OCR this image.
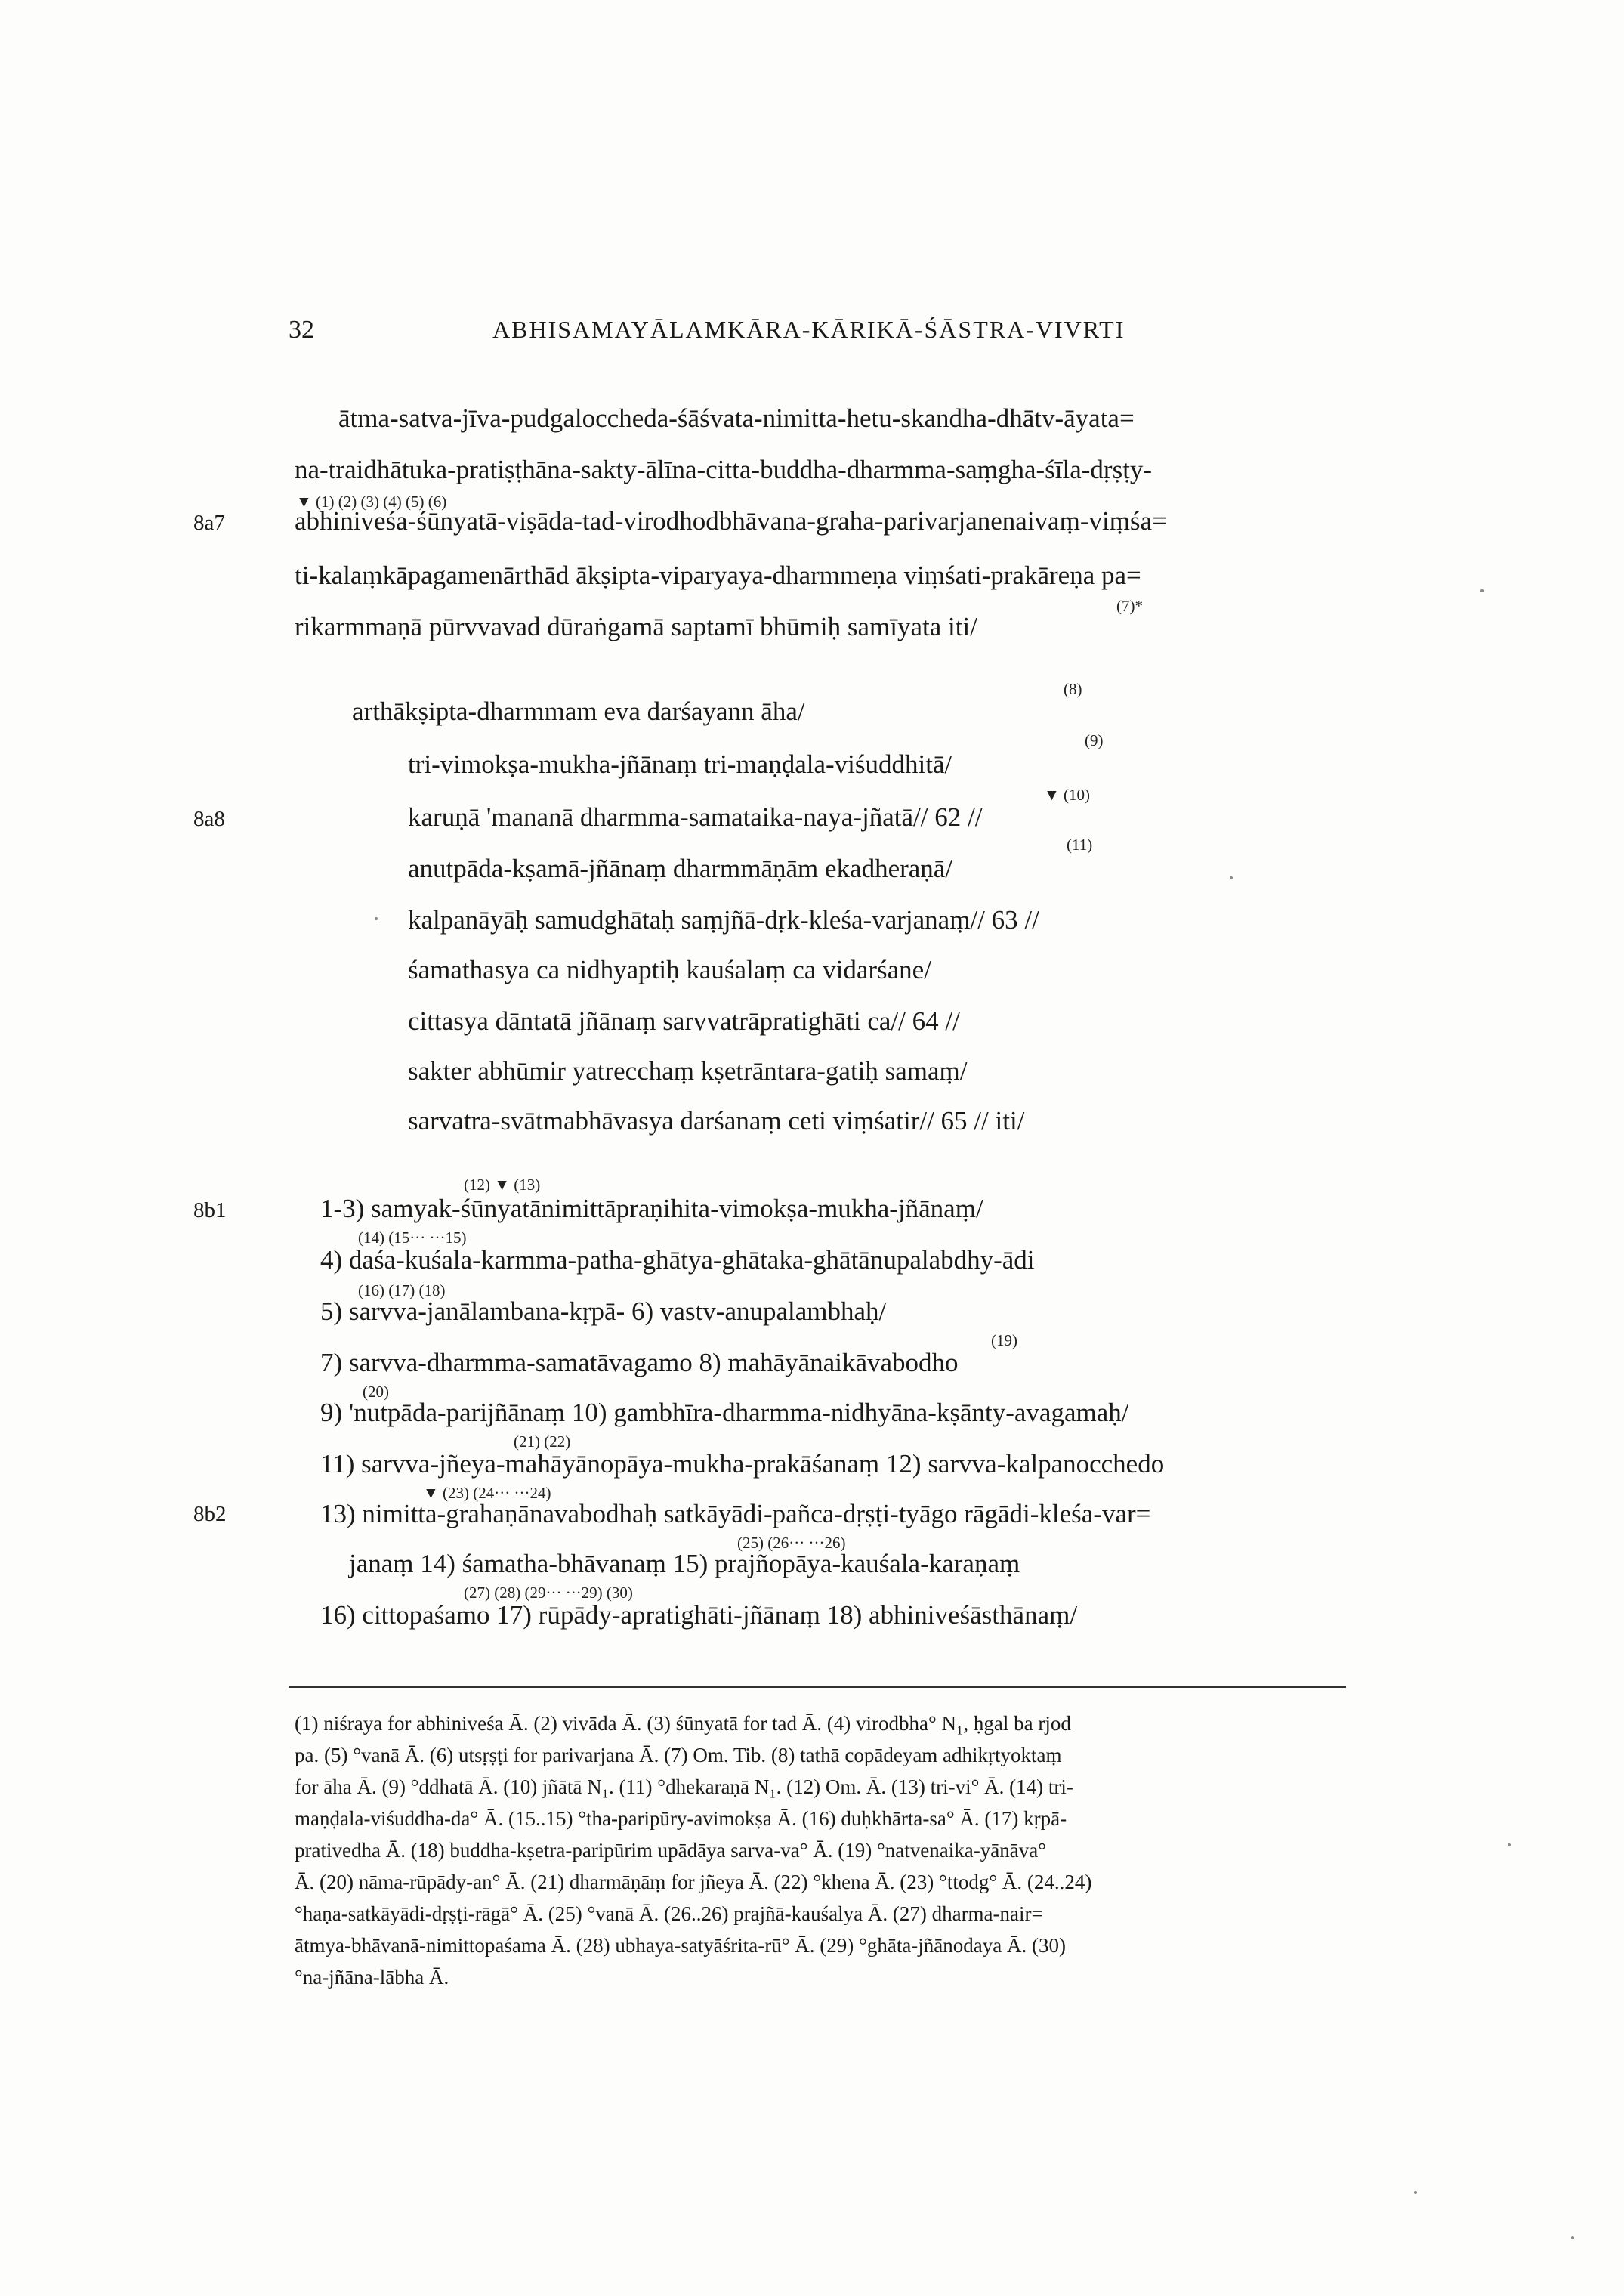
32	ABHISAMAYĀLAMKĀRA-KĀRIKĀ-ŚĀSTRA-VIVRTI
ātma-satva-jīva-pudgaloccheda-śāśvata-nimitta-hetu-skandha-dhātv-āyata=
na-traidhātuka-pratiṣṭhāna-sakty-ālīna-citta-buddha-dharmma-saṃgha-śīla-dṛṣṭy-
▼ (1) (2) (3) (4) (5) (6)
8a7	abhiniveśa-śūnyatā-viṣāda-tad-virodhodbhāvana-graha-parivarjanenaivaṃ-viṃśa=
ti-kalaṃkāpagamenārthād ākṣipta-viparyaya-dharmmeṇa viṃśati-prakāreṇa pa=
(7)*
rikarmmaṇā pūrvvavad dūraṅgamā saptamī bhūmiḥ samīyata iti/
(8)
arthākṣipta-dharmmam eva darśayann āha/
(9)
tri-vimokṣa-mukha-jñānaṃ tri-maṇḍala-viśuddhitā/
▼ (10)
8a8	karuṇā 'mananā dharmma-samataika-naya-jñatā// 62 //
(11)
anutpāda-kṣamā-jñānaṃ dharmmāṇām ekadheraṇā/
kalpanāyāḥ samudghātaḥ saṃjñā-dṛk-kleśa-varjanaṃ// 63 //
śamathasya ca nidhyaptiḥ kauśalaṃ ca vidarśane/
cittasya dāntatā jñānaṃ sarvvatrāpratighāti ca// 64 //
sakter abhūmir yatrecchaṃ kṣetrāntara-gatiḥ samaṃ/
sarvatra-svātmabhāvasya darśanaṃ ceti viṃśatir// 65 // iti/
(12) ▼ (13)
8b1	1-3) samyak-śūnyatānimittāpraṇihita-vimokṣa-mukha-jñānaṃ/
(14) (15··· ···15)
4) daśa-kuśala-karmma-patha-ghātya-ghātaka-ghātānupalabdhy-ādi
(16) (17) (18)
5) sarvva-janālambana-kṛpā- 6) vastv-anupalambhaḥ/
(19)
7) sarvva-dharmma-samatāvagamo 8) mahāyānaikāvabodho
(20)
9) 'nutpāda-parijñānaṃ 10) gambhīra-dharmma-nidhyāna-kṣānty-avagamaḥ/
(21) (22)
11) sarvva-jñeya-mahāyānopāya-mukha-prakāśanaṃ 12) sarvva-kalpanocchedo
▼ (23) (24··· ···24)
8b2	13) nimitta-grahaṇānavabodhaḥ satkāyādi-pañca-dṛṣṭi-tyāgo rāgādi-kleśa-var=
(25) (26··· ···26)
janaṃ 14) śamatha-bhāvanaṃ 15) prajñopāya-kauśala-karaṇaṃ
(27) (28) (29··· ···29) (30)
16) cittopaśamo 17) rūpādy-apratighāti-jñānaṃ 18) abhiniveśāsthānaṃ/
(1) niśraya for abhiniveśa Ā. (2) vivāda Ā. (3) śūnyatā for tad Ā. (4) virodbha° N₁, ḥgal ba rjod
pa. (5) °vanā Ā. (6) utsṛṣṭi for parivarjana Ā. (7) Om. Tib. (8) tathā copādeyam adhikṛtyoktaṃ
for āha Ā. (9) °ddhatā Ā. (10) jñātā N₁. (11) °dhekaraṇā N₁. (12) Om. Ā. (13) tri-vi° Ā. (14) tri-
maṇḍala-viśuddha-da° Ā. (15..15) °tha-paripūry-avimokṣa Ā. (16) duḥkhārta-sa° Ā. (17) kṛpā-
prativedha Ā. (18) buddha-kṣetra-paripūrim upādāya sarva-va° Ā. (19) °natvenaika-yānāva°
Ā. (20) nāma-rūpādy-an° Ā. (21) dharmāṇāṃ for jñeya Ā. (22) °khena Ā. (23) °ttodg° Ā. (24..24)
°haṇa-satkāyādi-dṛṣṭi-rāgā° Ā. (25) °vanā Ā. (26..26) prajñā-kauśalya Ā. (27) dharma-nair=
ātmya-bhāvanā-nimittopaśama Ā. (28) ubhaya-satyāśrita-rū° Ā. (29) °ghāta-jñānodaya Ā. (30)
°na-jñāna-lābha Ā.
